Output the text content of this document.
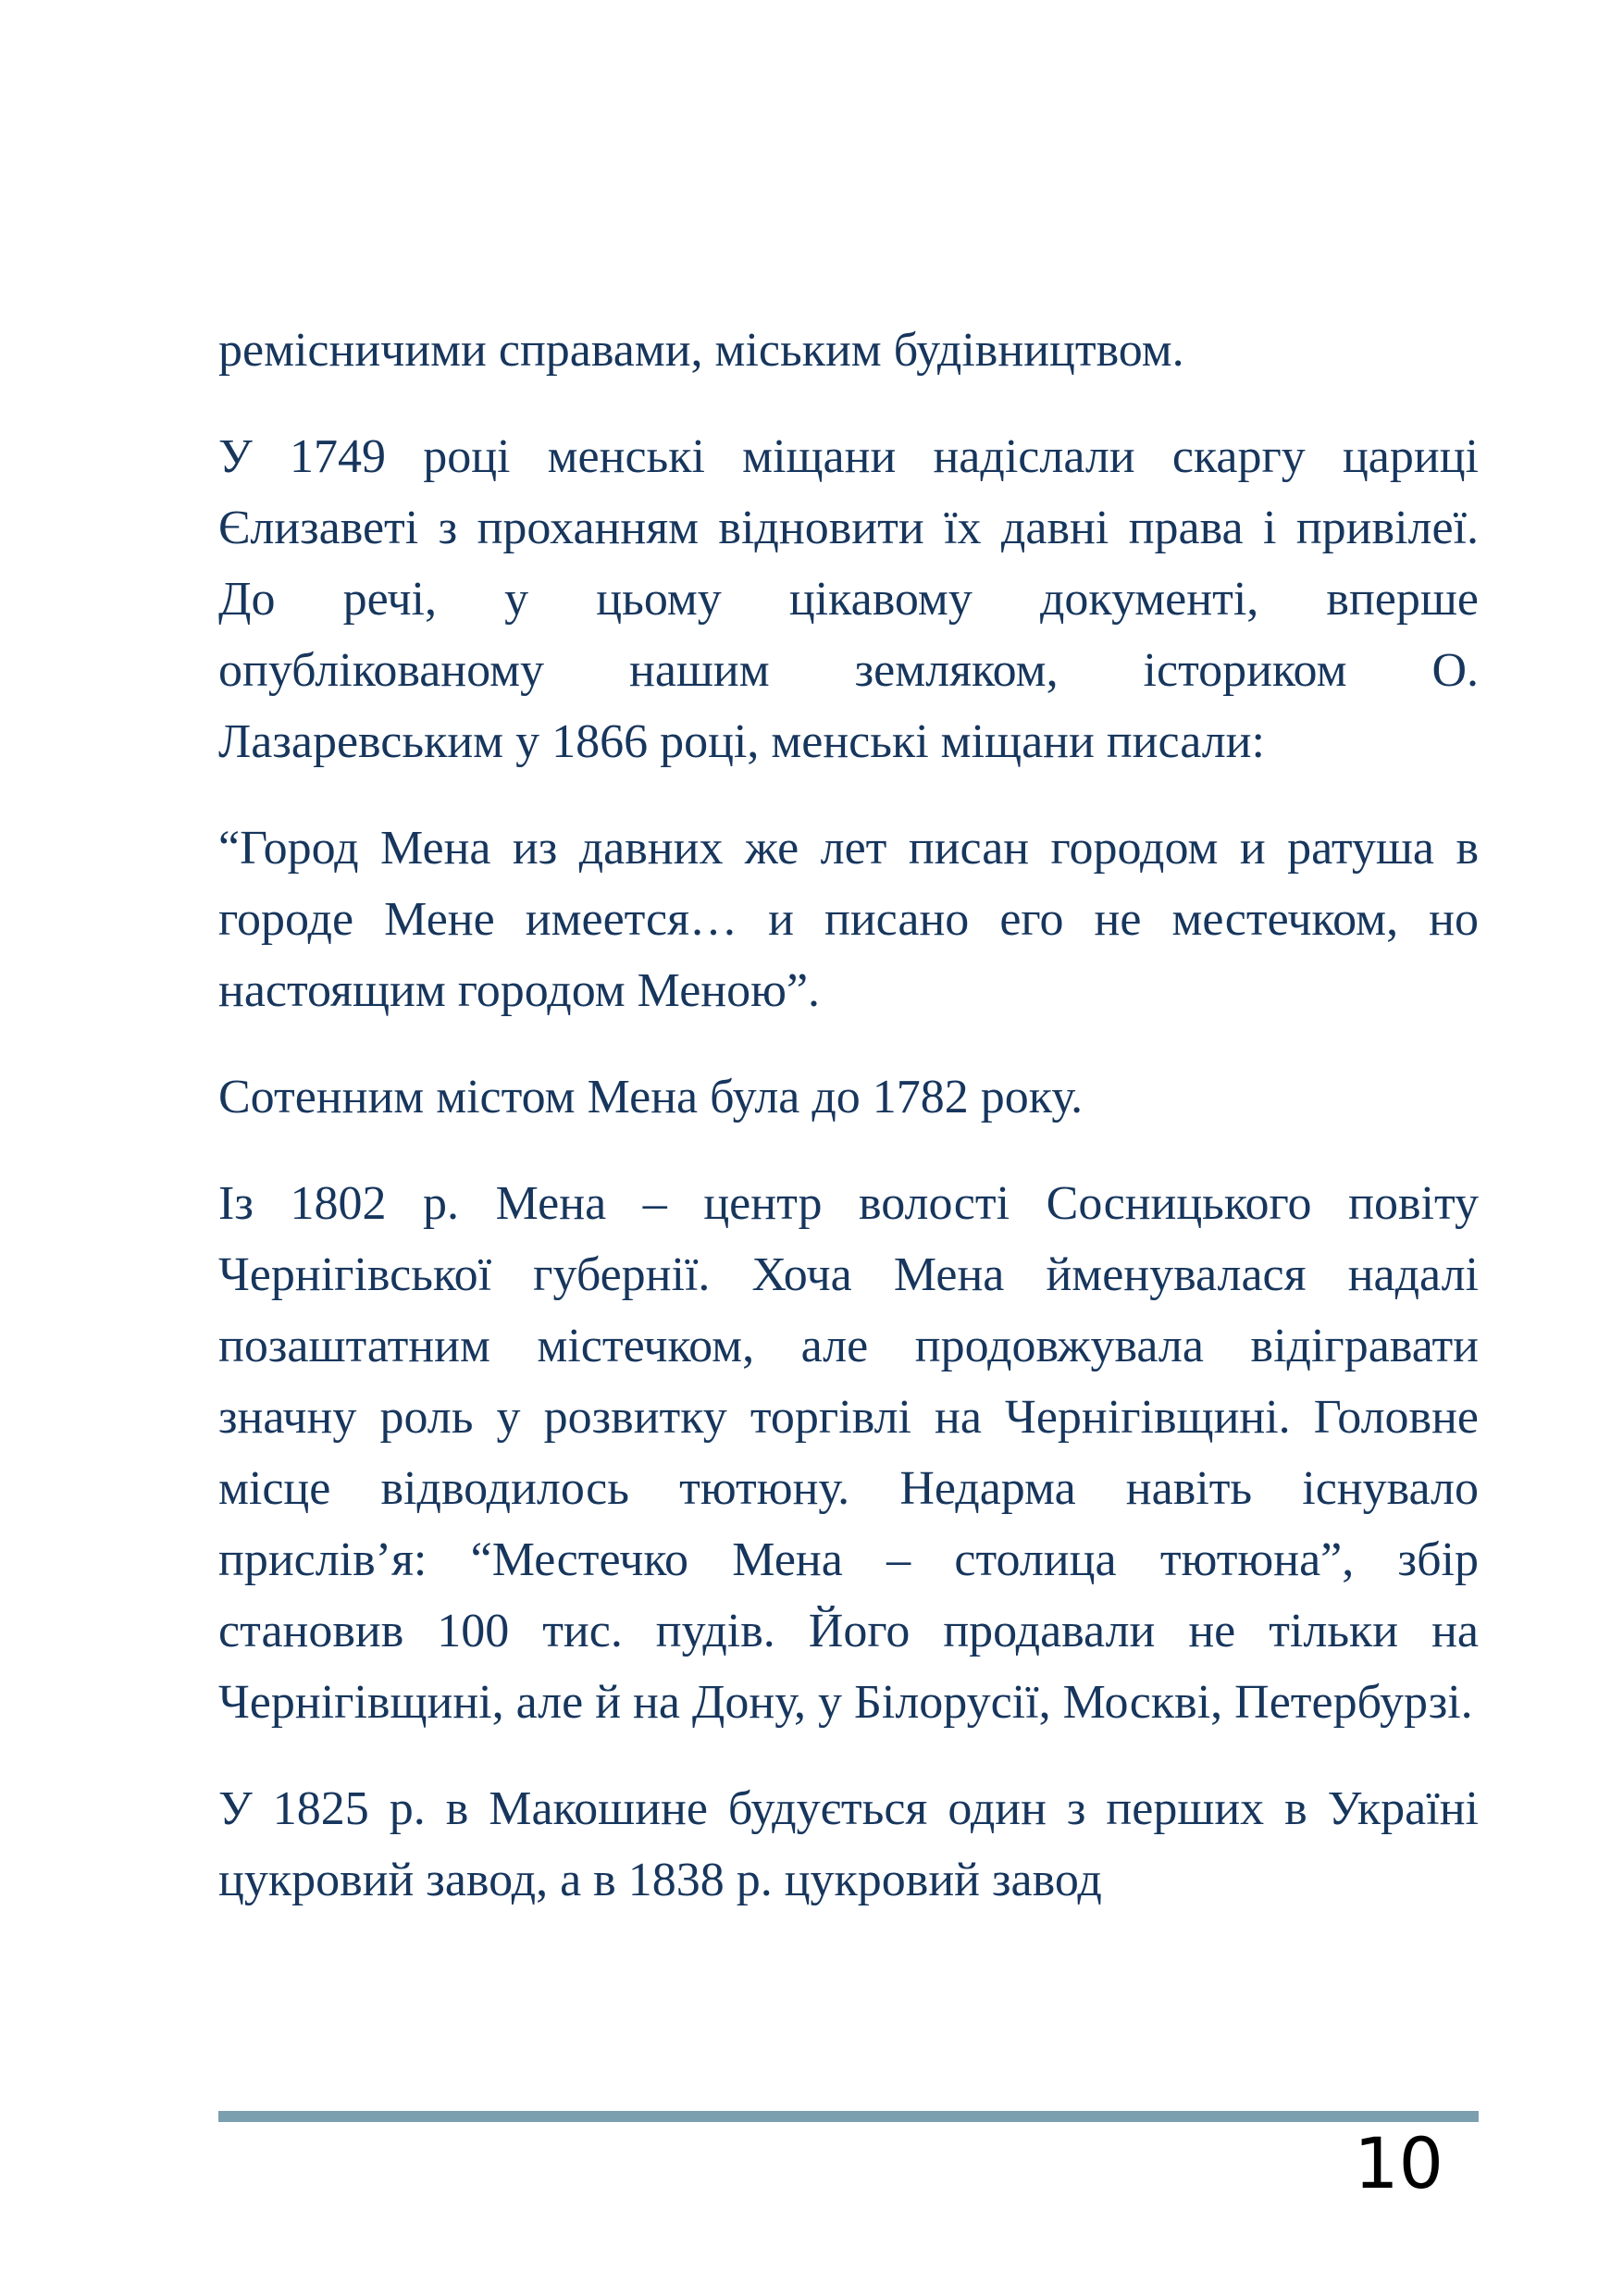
ремісничими справами, міським будівництвом.

У 1749 році менські міщани надіслали скаргу цариці Єлизаветі з проханням відновити їх давні права і привілеї. До речі, у цьому цікавому документі, вперше опублікованому нашим земляком, істориком О. Лазаревським у 1866 році, менські міщани писали:

“Город Мена из давних же лет писан городом и ратуша в городе Мене имеется… и писано его не местечком, но настоящим городом Меною”.

Сотенним містом Мена була до 1782 року.

Із 1802 р. Мена – центр волості Сосницького повіту Чернігівської губернії. Хоча Мена йменувалася надалі позаштатним містечком, але продовжувала відігравати значну роль у розвитку торгівлі на Чернігівщині. Головне місце відводилось тютюну. Недарма навіть існувало прислів’я: “Местечко Мена – столица тютюна”, збір становив 100 тис. пудів. Його продавали не тільки на Чернігівщині, але й на Дону, у Білорусії, Москві, Петербурзі.

У 1825 р. в Макошине будується один з перших в Україні цукровий завод, а в 1838 р. цукровий завод

10
